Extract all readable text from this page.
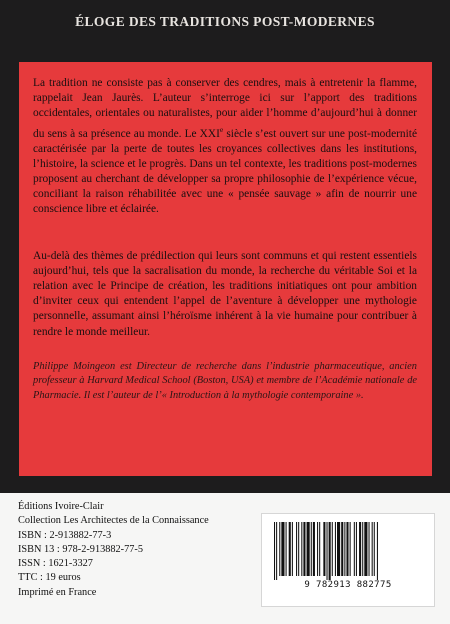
ÉLOGE DES TRADITIONS POST-MODERNES

La tradition ne consiste pas à conserver des cendres, mais à entretenir la flamme, rappelait Jean Jaurès. L’auteur s’interroge ici sur l’apport des traditions occidentales, orientales ou naturalistes, pour aider l’homme d’aujourd’hui à donner du sens à sa présence au monde. Le XXIe siècle s’est ouvert sur une post-modernité caractérisée par la perte de toutes les croyances collectives dans les institutions, l’histoire, la science et le progrès. Dans un tel contexte, les traditions post-modernes proposent au cherchant de développer sa propre philosophie de l’expérience vécue, conciliant la raison réhabilitée avec une « pensée sauvage » afin de nourrir une conscience libre et éclairée.

Au-delà des thèmes de prédilection qui leurs sont communs et qui restent essentiels aujourd’hui, tels que la sacralisation du monde, la recherche du véritable Soi et la relation avec le Principe de création, les traditions initiatiques ont pour ambition d’inviter ceux qui entendent l’appel de l’aventure à développer une mythologie personnelle, assumant ainsi l’héroïsme inhérent à la vie humaine pour contribuer à rendre le monde meilleur.

Philippe Moingeon est Directeur de recherche dans l’industrie pharmaceutique, ancien professeur à Harvard Medical School (Boston, USA) et membre de l’Académie nationale de Pharmacie. Il est l’auteur de l’« Introduction à la mythologie contemporaine ».

Éditions Ivoire-Clair
Collection Les Architectes de la Connaissance
ISBN : 2-913882-77-3
ISBN 13 : 978-2-913882-77-5
ISSN : 1621-3327
TTC : 19 euros
Imprimé en France
9 782913 882775
